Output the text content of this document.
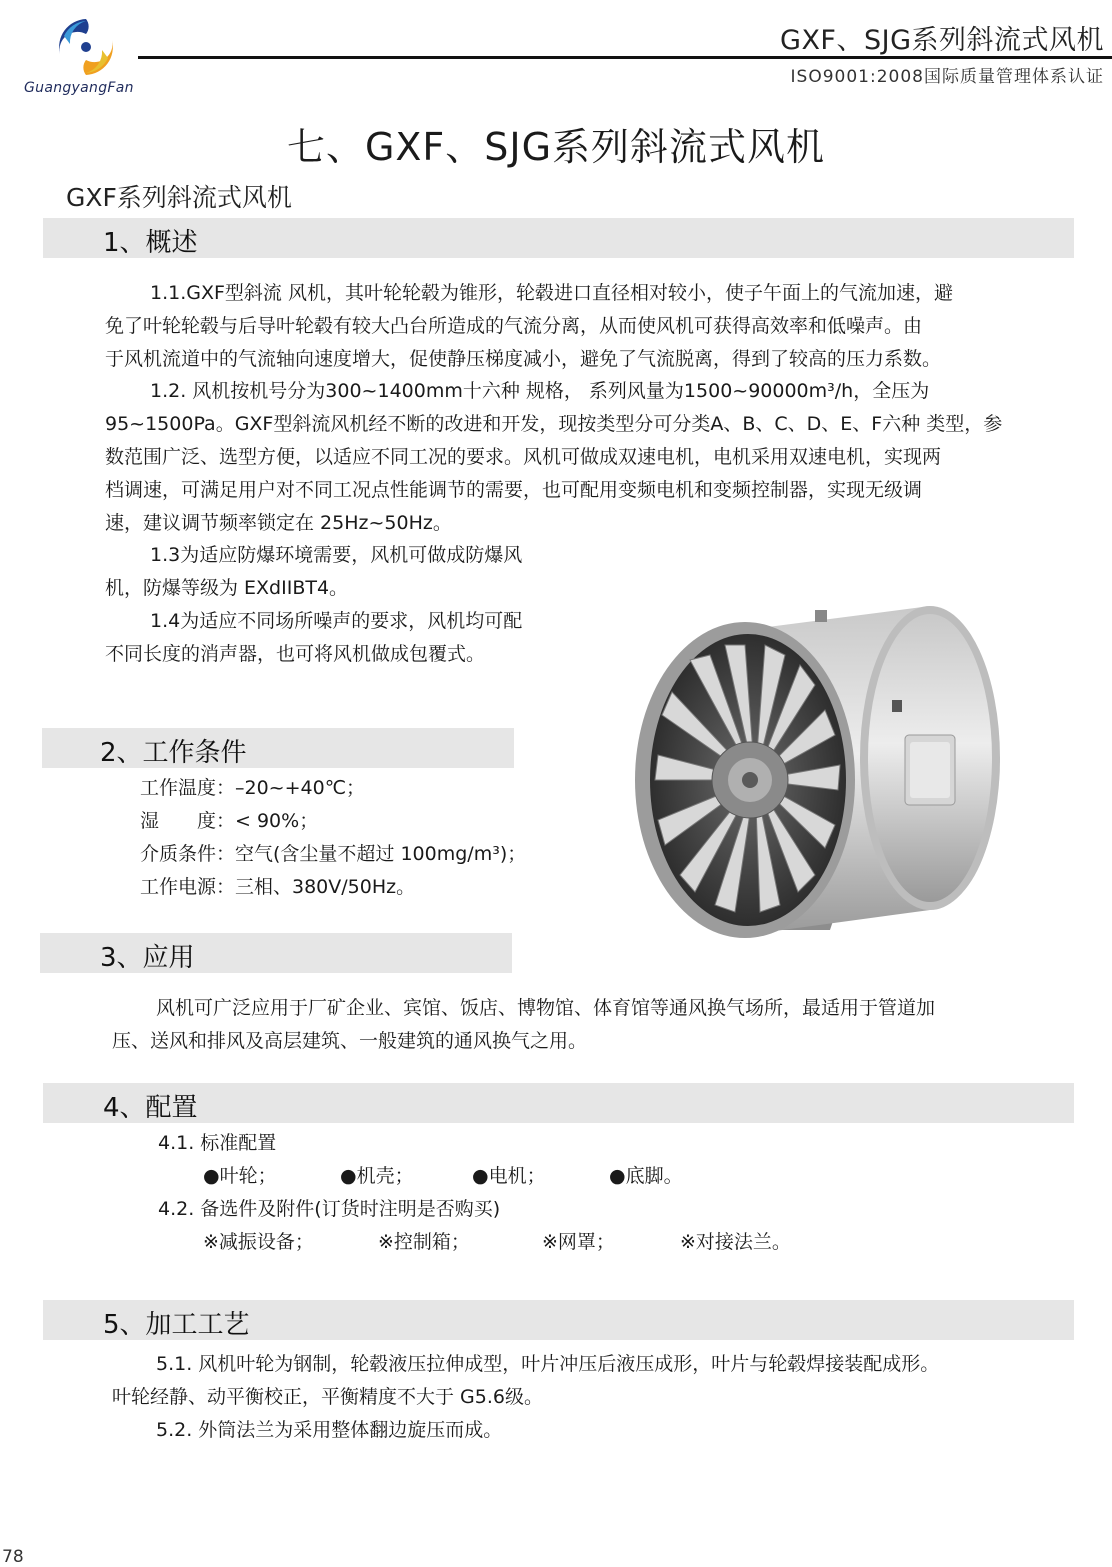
GuangyangFan
GXF、SJG系列斜流式风机
ISO9001:2008国际质量管理体系认证
七、GXF、SJG系列斜流式风机
GXF系列斜流式风机
1、概述
1.1.GXF型斜流 风机，其叶轮轮毂为锥形，轮毂进口直径相对较小，使子午面上的气流加速，避
免了叶轮轮毂与后导叶轮毂有较大凸台所造成的气流分离，从而使风机可获得高效率和低噪声。由
于风机流道中的气流轴向速度增大，促使静压梯度减小，避免了气流脱离，得到了较高的压力系数。
1.2. 风机按机号分为300~1400mm十六种 规格， 系列风量为1500~90000m³/h，全压为
95~1500Pa。GXF型斜流风机经不断的改进和开发，现按类型分可分类A、B、C、D、E、F六种 类型，参
数范围广泛、选型方便，以适应不同工况的要求。风机可做成双速电机，电机采用双速电机，实现两
档调速，可满足用户对不同工况点性能调节的需要，也可配用变频电机和变频控制器，实现无级调
速，建议调节频率锁定在 25Hz~50Hz。
1.3为适应防爆环境需要，风机可做成防爆风
机，防爆等级为 EXdIIBT4。
1.4为适应不同场所噪声的要求，风机均可配
不同长度的消声器，也可将风机做成包覆式。
2、工作条件
工作温度：–20~+40℃；
湿　　度：< 90%；
介质条件：空气(含尘量不超过 100mg/m³)；
工作电源：三相、380V/50Hz。
3、应用
风机可广泛应用于厂矿企业、宾馆、饭店、博物馆、体育馆等通风换气场所，最适用于管道加
压、送风和排风及高层建筑、一般建筑的通风换气之用。
4、配置
4.1. 标准配置
●叶轮；	●机壳；	●电机；	●底脚。
4.2. 备选件及附件(订货时注明是否购买)
※减振设备；	※控制箱；	※网罩；	※对接法兰。
5、加工工艺
5.1. 风机叶轮为钢制，轮毂液压拉伸成型，叶片冲压后液压成形，叶片与轮毂焊接装配成形。
叶轮经静、动平衡校正，平衡精度不大于 G5.6级。
5.2. 外筒法兰为采用整体翻边旋压而成。
78
